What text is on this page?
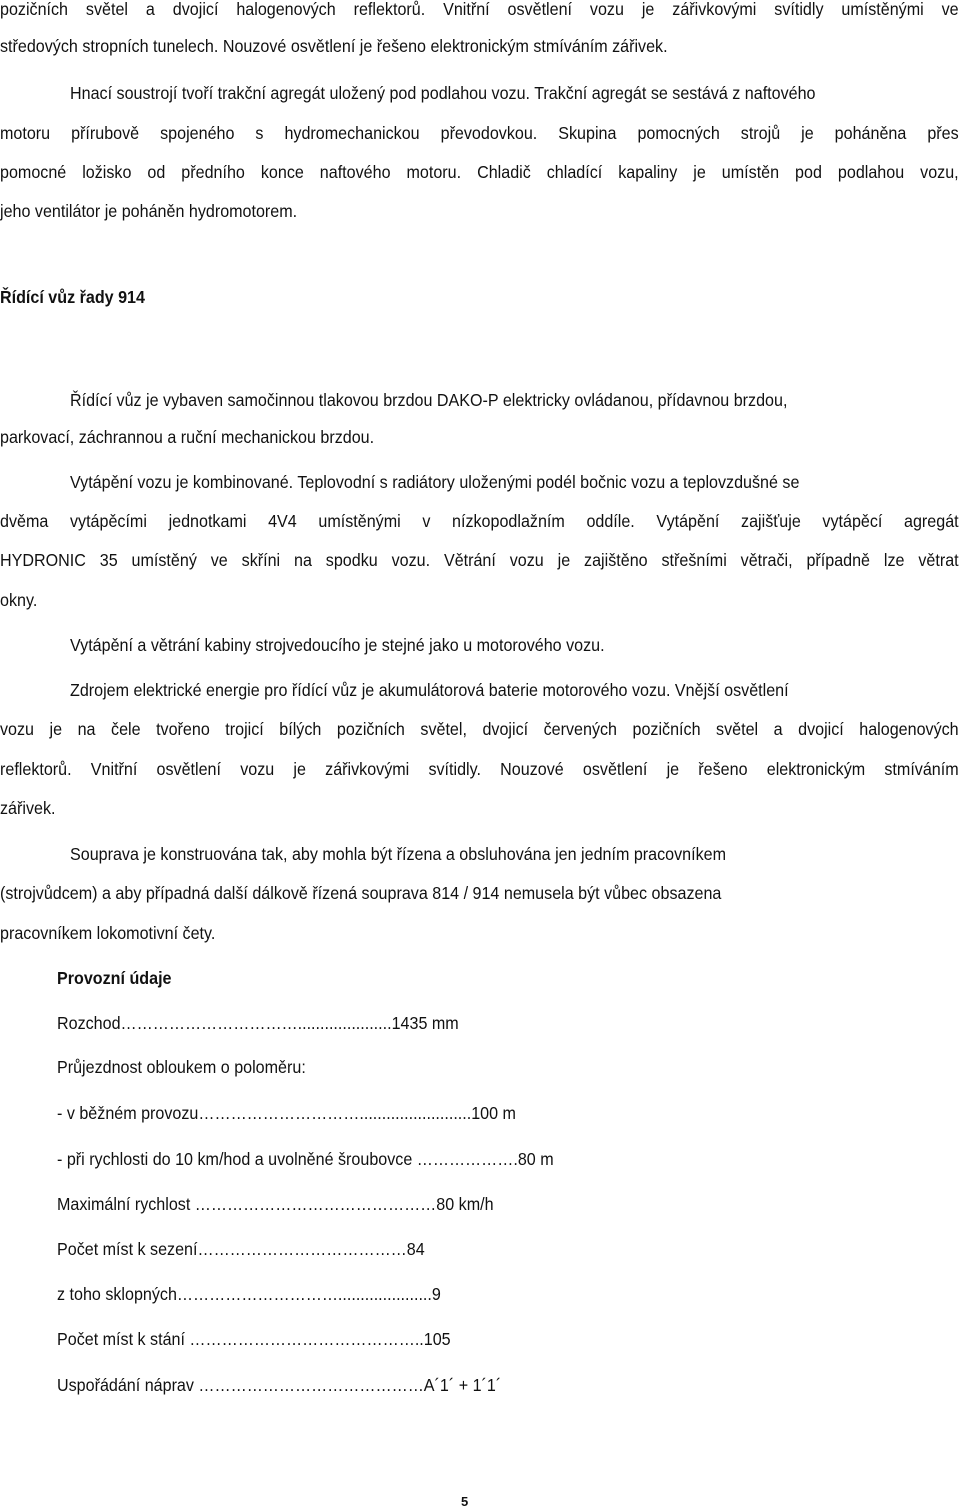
pozičních světel a dvojicí halogenových reflektorů. Vnitřní osvětlení vozu je zářivkovými svítidly umístěnými ve
středových stropních tunelech. Nouzové osvětlení je řešeno elektronickým stmíváním zářivek.
Hnací soustrojí tvoří trakční agregát uložený pod podlahou vozu. Trakční agregát se sestává z naftového
motoru přírubově spojeného s hydromechanickou převodovkou. Skupina pomocných strojů je poháněna přes
pomocné ložisko od předního konce naftového motoru. Chladič chladící kapaliny je umístěn pod podlahou vozu,
jeho ventilátor je poháněn hydromotorem.
Řídící vůz řady 914
Řídící vůz je vybaven samočinnou tlakovou brzdou DAKO-P elektricky ovládanou, přídavnou brzdou,
parkovací, záchrannou a ruční mechanickou brzdou.
Vytápění vozu je kombinované. Teplovodní s radiátory uloženými podél bočnic vozu a teplovzdušné se
dvěma vytápěcími jednotkami 4V4 umístěnými v nízkopodlažním oddíle. Vytápění zajišťuje vytápěcí agregát
HYDRONIC 35 umístěný ve skříni na spodku vozu. Větrání vozu je zajištěno střešními větrači, případně lze větrat
okny.
Vytápění a větrání kabiny strojvedoucího je stejné jako u motorového vozu.
Zdrojem elektrické energie pro řídící vůz je akumulátorová baterie motorového vozu. Vnější osvětlení
vozu je na čele tvořeno trojicí bílých pozičních světel, dvojicí červených pozičních světel a dvojicí halogenových
reflektorů. Vnitřní osvětlení vozu je zářivkovými svítidly. Nouzové osvětlení je řešeno elektronickým stmíváním
zářivek.
Souprava je konstruována tak, aby mohla být řízena a obsluhována jen jedním pracovníkem
(strojvůdcem) a aby případná další dálkově řízená souprava 814 / 914 nemusela být vůbec obsazena
pracovníkem lokomotivní čety.
Provozní údaje
Rozchod…………………………….....................1435 mm
Průjezdnost obloukem o poloměru:
- v běžném provozu………………………….........................100 m
- při rychlosti do 10 km/hod a uvolněné šroubovce ……………….80 m
Maximální rychlost ………………………………………80 km/h
Počet míst k sezení…………………………………84
z toho sklopných………………………….....................9
Počet míst k stání ……………………………………..105
Uspořádání náprav ……………………………………A´1´ + 1´1´
5
